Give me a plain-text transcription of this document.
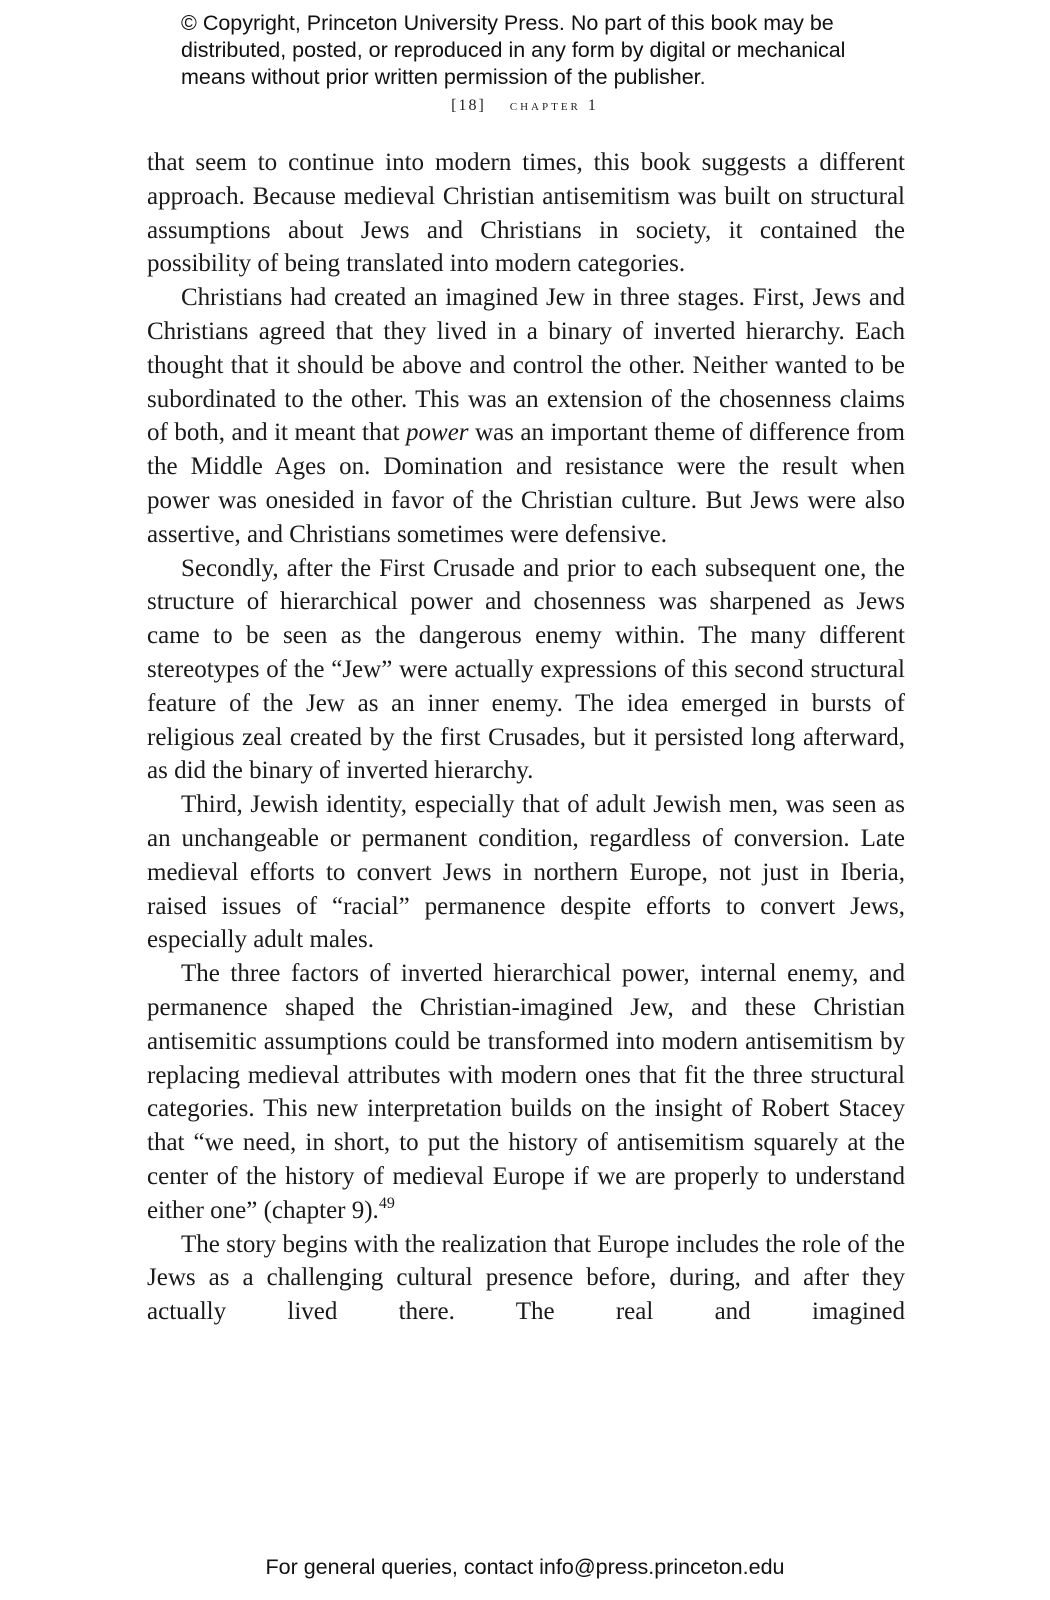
© Copyright, Princeton University Press. No part of this book may be distributed, posted, or reproduced in any form by digital or mechanical means without prior written permission of the publisher.
[18] chapter 1

that seem to continue into modern times, this book suggests a different approach. Because medieval Christian antisemitism was built on structural assumptions about Jews and Christians in society, it contained the possibility of being translated into modern categories.

Christians had created an imagined Jew in three stages. First, Jews and Christians agreed that they lived in a binary of inverted hierarchy. Each thought that it should be above and control the other. Neither wanted to be subordinated to the other. This was an extension of the chosenness claims of both, and it meant that power was an important theme of difference from the Middle Ages on. Domination and resistance were the result when power was onesided in favor of the Christian culture. But Jews were also assertive, and Christians sometimes were defensive.

Secondly, after the First Crusade and prior to each subsequent one, the structure of hierarchical power and chosenness was sharpened as Jews came to be seen as the dangerous enemy within. The many different stereotypes of the “Jew” were actually expressions of this second structural feature of the Jew as an inner enemy. The idea emerged in bursts of religious zeal created by the first Crusades, but it persisted long afterward, as did the binary of inverted hierarchy.

Third, Jewish identity, especially that of adult Jewish men, was seen as an unchangeable or permanent condition, regardless of conversion. Late medieval efforts to convert Jews in northern Europe, not just in Iberia, raised issues of “racial” permanence despite efforts to convert Jews, especially adult males.

The three factors of inverted hierarchical power, internal enemy, and permanence shaped the Christian-imagined Jew, and these Christian antisemitic assumptions could be transformed into modern antisemitism by replacing medieval attributes with modern ones that fit the three structural categories. This new interpretation builds on the insight of Robert Stacey that “we need, in short, to put the history of antisemitism squarely at the center of the history of medieval Europe if we are properly to understand either one” (chapter 9).$^{49}$

The story begins with the realization that Europe includes the role of the Jews as a challenging cultural presence before, during, and after they actually lived there. The real and imagined

For general queries, contact info@press.princeton.edu
